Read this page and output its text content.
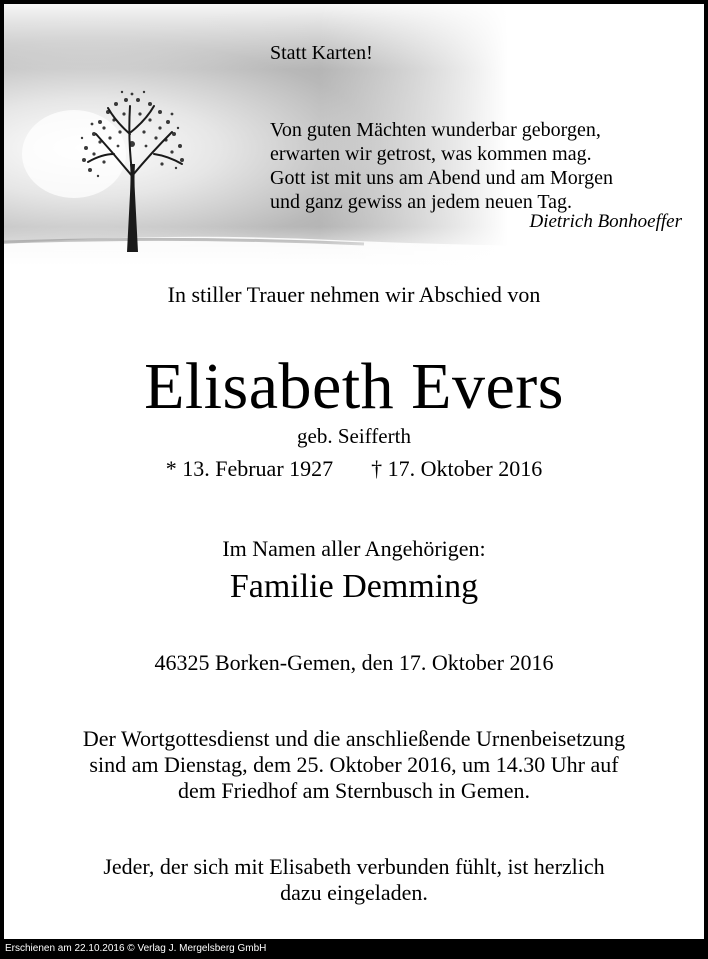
Statt Karten!
Von guten Mächten wunderbar geborgen,
erwarten wir getrost, was kommen mag.
Gott ist mit uns am Abend und am Morgen
und ganz gewiss an jedem neuen Tag.
Dietrich Bonhoeffer
In stiller Trauer nehmen wir Abschied von
Elisabeth Evers
geb. Seifferth
* 13. Februar 1927 † 17. Oktober 2016
Im Namen aller Angehörigen:
Familie Demming
46325 Borken-Gemen, den 17. Oktober 2016
Der Wortgottesdienst und die anschließende Urnenbeisetzung
sind am Dienstag, dem 25. Oktober 2016, um 14.30 Uhr auf
dem Friedhof am Sternbusch in Gemen.
Jeder, der sich mit Elisabeth verbunden fühlt, ist herzlich
dazu eingeladen.
Erschienen am 22.10.2016 © Verlag J. Mergelsberg GmbH
